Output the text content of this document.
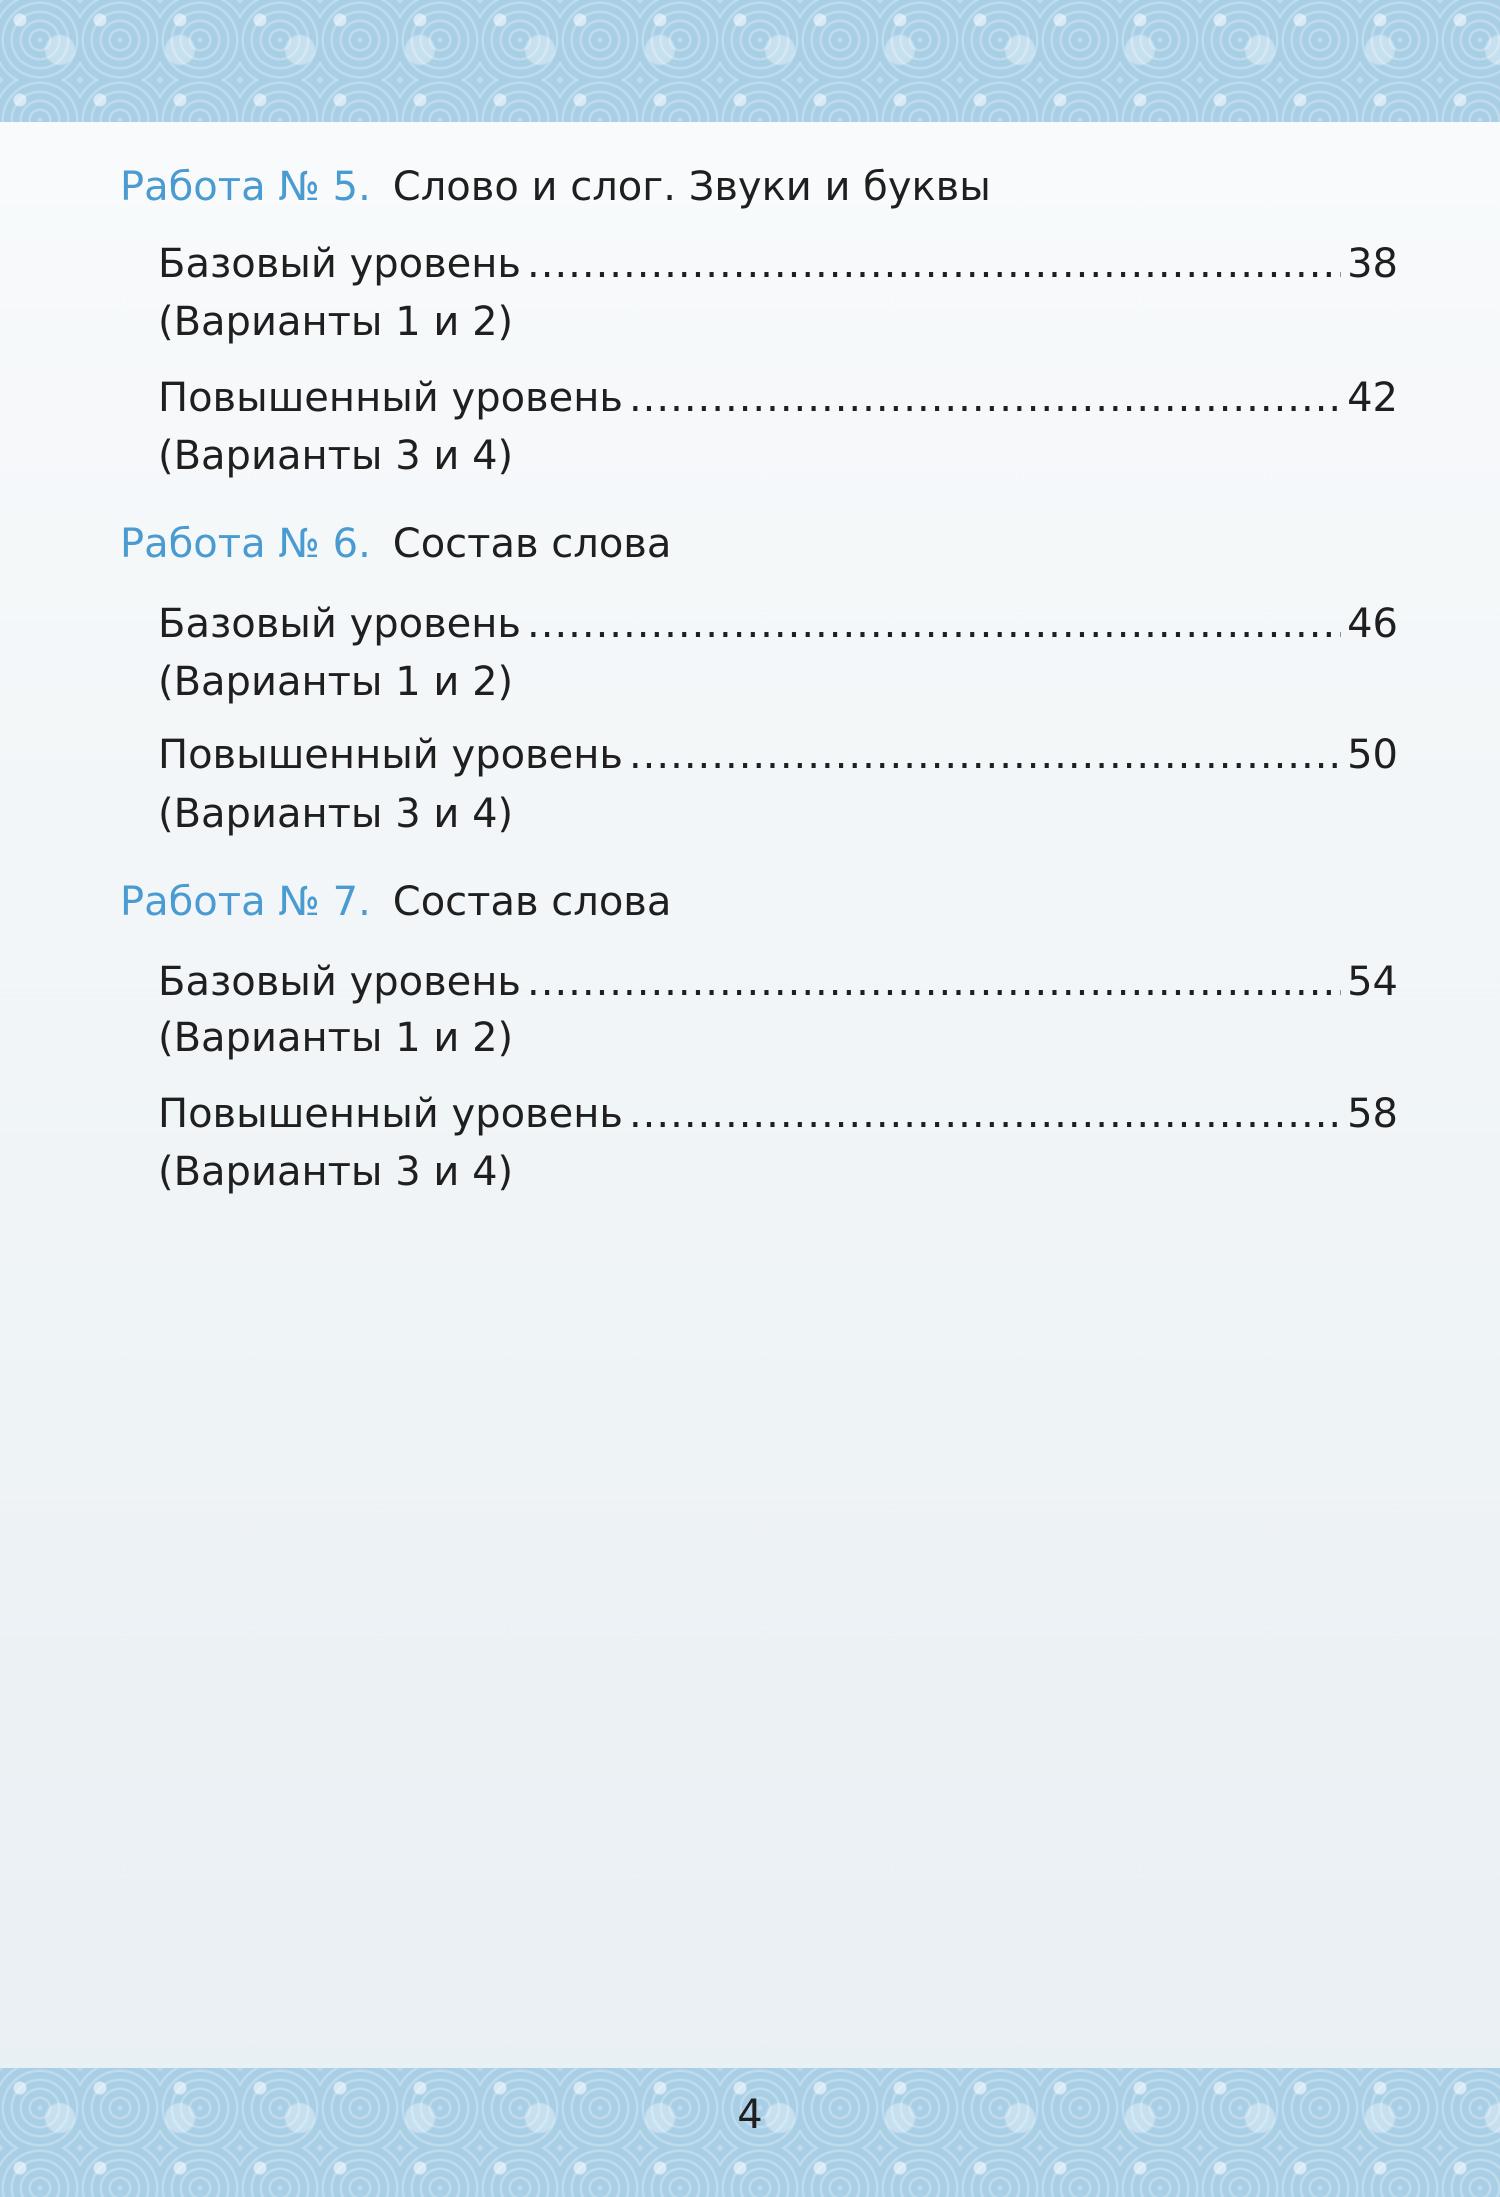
Работа № 5. Слово и слог. Звуки и буквы
Базовый уровень .....	38
(Варианты 1 и 2)
Повышенный уровень .....	42
(Варианты 3 и 4)
Работа № 6. Состав слова
Базовый уровень .....	46
(Варианты 1 и 2)
Повышенный уровень .....	50
(Варианты 3 и 4)
Работа № 7. Состав слова
Базовый уровень .....	54
(Варианты 1 и 2)
Повышенный уровень .....	58
(Варианты 3 и 4)
4
